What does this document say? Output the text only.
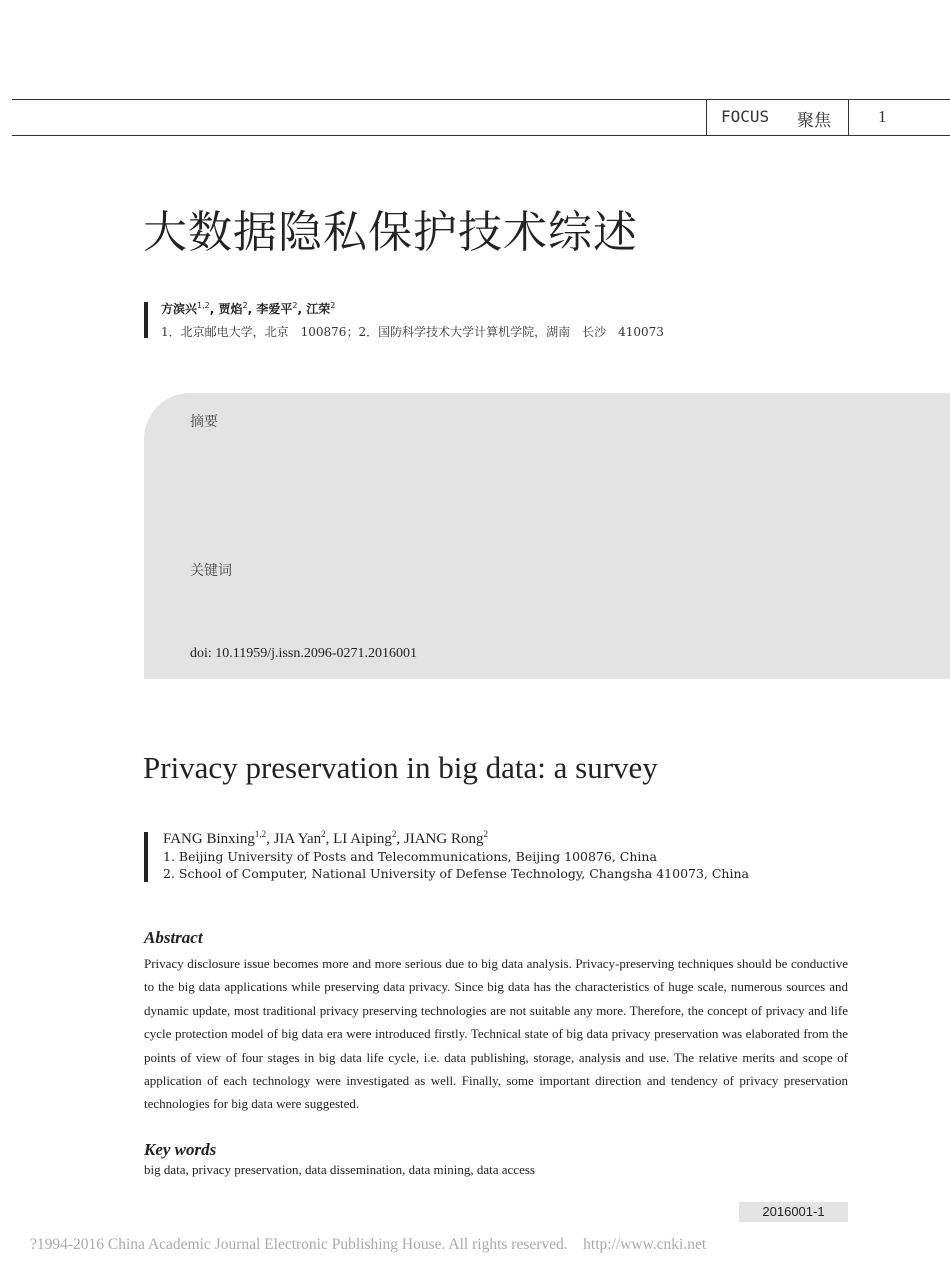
FOCUS 聚焦	1
大数据隐私保护技术综述
方滨兴$^{1,2}$, 贾焰$^2$, 李爱平$^2$, 江荣$^2$
1．北京邮电大学，北京　100876；2．国防科学技术大学计算机学院，湖南　长沙　410073
摘要
关键词
doi: 10.11959/j.issn.2096-0271.2016001
Privacy preservation in big data: a survey
FANG Binxing$^{1,2}$, JIA Yan$^2$, LI Aiping$^2$, JIANG Rong$^2$
1. Beijing University of Posts and Telecommunications, Beijing 100876, China
2. School of Computer, National University of Defense Technology, Changsha 410073, China
Abstract

Privacy disclosure issue becomes more and more serious due to big data analysis. Privacy-preserving techniques should be conductive to the big data applications while preserving data privacy. Since big data has the characteristics of huge scale, numerous sources and dynamic update, most traditional privacy preserving technologies are not suitable any more. Therefore, the concept of privacy and life cycle protection model of big data era were introduced firstly. Technical state of big data privacy preservation was elaborated from the points of view of four stages in big data life cycle, i.e. data publishing, storage, analysis and use. The relative merits and scope of application of each technology were investigated as well. Finally, some important direction and tendency of privacy preservation technologies for big data were suggested.

Key words
big data, privacy preservation, data dissemination, data mining, data access
2016001-1
?1994-2016 China Academic Journal Electronic Publishing House. All rights reserved.    http://www.cnki.net
